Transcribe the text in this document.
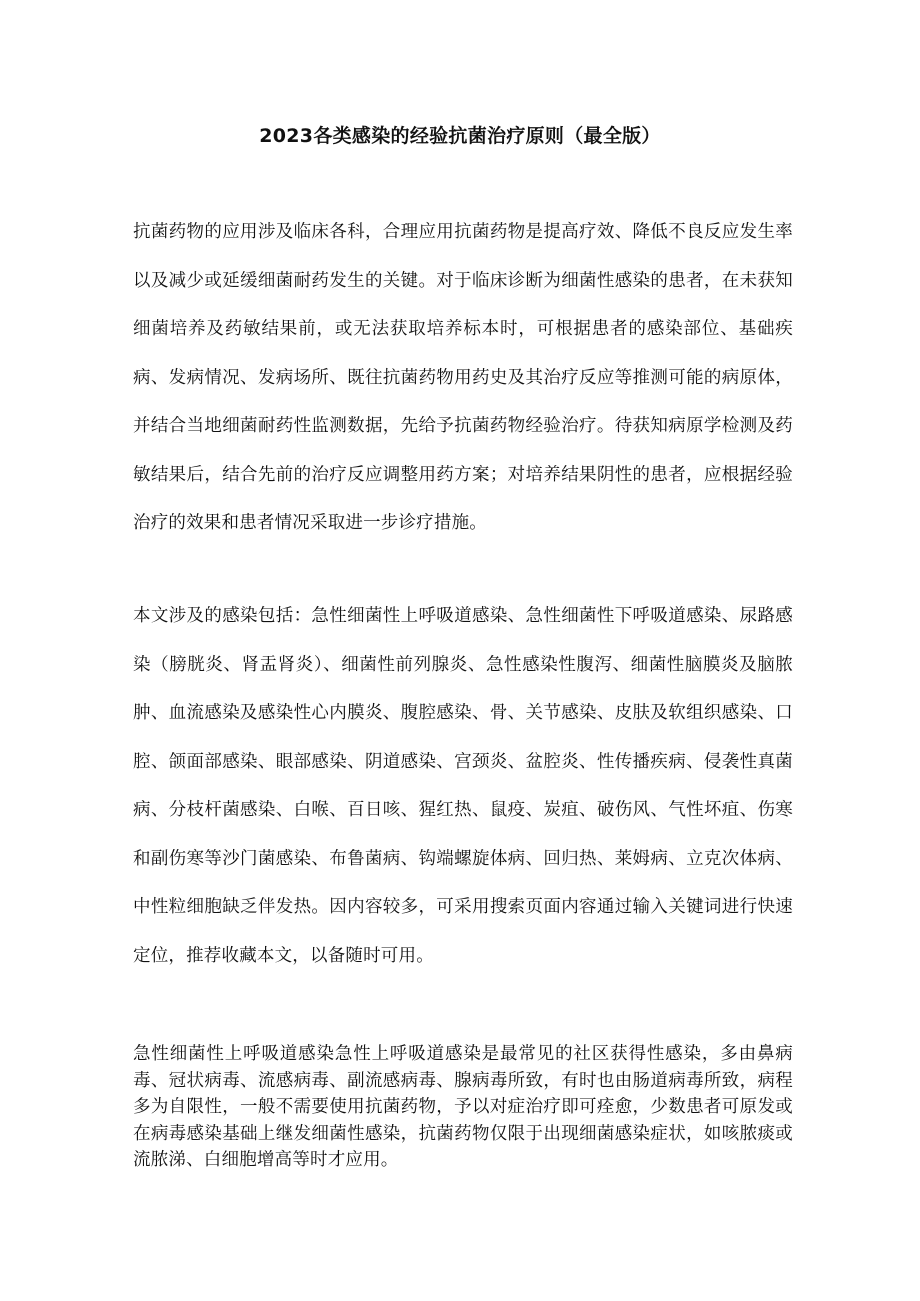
2023各类感染的经验抗菌治疗原则（最全版）

抗菌药物的应用涉及临床各科，合理应用抗菌药物是提高疗效、降低不良反应发生率以及减少或延缓细菌耐药发生的关键。对于临床诊断为细菌性感染的患者，在未获知细菌培养及药敏结果前，或无法获取培养标本时，可根据患者的感染部位、基础疾病、发病情况、发病场所、既往抗菌药物用药史及其治疗反应等推测可能的病原体，并结合当地细菌耐药性监测数据，先给予抗菌药物经验治疗。待获知病原学检测及药敏结果后，结合先前的治疗反应调整用药方案；对培养结果阴性的患者，应根据经验治疗的效果和患者情况采取进一步诊疗措施。

本文涉及的感染包括：急性细菌性上呼吸道感染、急性细菌性下呼吸道感染、尿路感染（膀胱炎、肾盂肾炎）、细菌性前列腺炎、急性感染性腹泻、细菌性脑膜炎及脑脓肿、血流感染及感染性心内膜炎、腹腔感染、骨、关节感染、皮肤及软组织感染、口腔、颌面部感染、眼部感染、阴道感染、宫颈炎、盆腔炎、性传播疾病、侵袭性真菌病、分枝杆菌感染、白喉、百日咳、猩红热、鼠疫、炭疽、破伤风、气性坏疽、伤寒和副伤寒等沙门菌感染、布鲁菌病、钩端螺旋体病、回归热、莱姆病、立克次体病、中性粒细胞缺乏伴发热。因内容较多，可采用搜索页面内容通过输入关键词进行快速定位，推荐收藏本文，以备随时可用。

急性细菌性上呼吸道感染急性上呼吸道感染是最常见的社区获得性感染，多由鼻病毒、冠状病毒、流感病毒、副流感病毒、腺病毒所致，有时也由肠道病毒所致，病程多为自限性，一般不需要使用抗菌药物，予以对症治疗即可痊愈，少数患者可原发或在病毒感染基础上继发细菌性感染，抗菌药物仅限于出现细菌感染症状，如咳脓痰或流脓涕、白细胞增高等时才应用。
